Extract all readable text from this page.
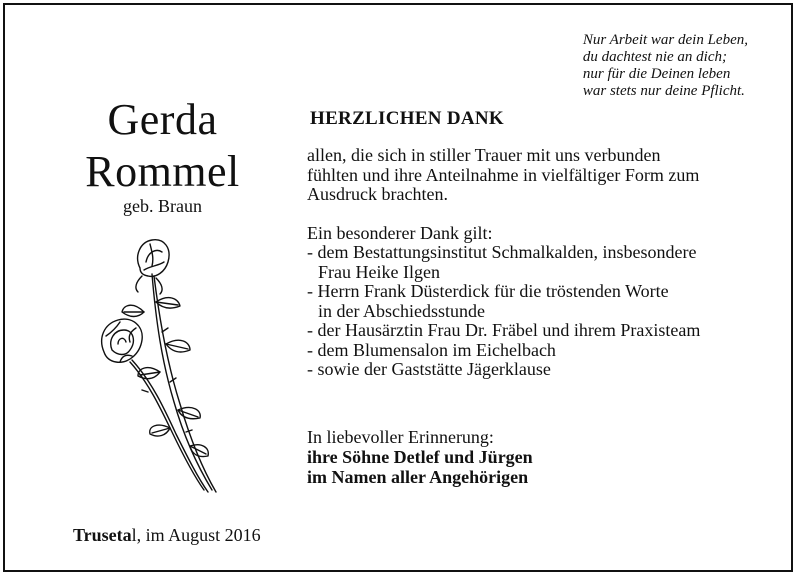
Nur Arbeit war dein Leben,
du dachtest nie an dich;
nur für die Deinen leben
war stets nur deine Pflicht.
Gerda
Rommel
geb. Braun
HERZLICHEN DANK
allen, die sich in stiller Trauer mit uns verbunden
fühlten und ihre Anteilnahme in vielfältiger Form zum
Ausdruck brachten.
Ein besonderer Dank gilt:
- dem Bestattungsinstitut Schmalkalden, insbesondere
Frau Heike Ilgen
- Herrn Frank Düsterdick für die tröstenden Worte
in der Abschiedsstunde
- der Hausärztin Frau Dr. Fräbel und ihrem Praxisteam
- dem Blumensalon im Eichelbach
- sowie der Gaststätte Jägerklause
In liebevoller Erinnerung:
ihre Söhne Detlef und Jürgen
im Namen aller Angehörigen
Trusetal, im August 2016
